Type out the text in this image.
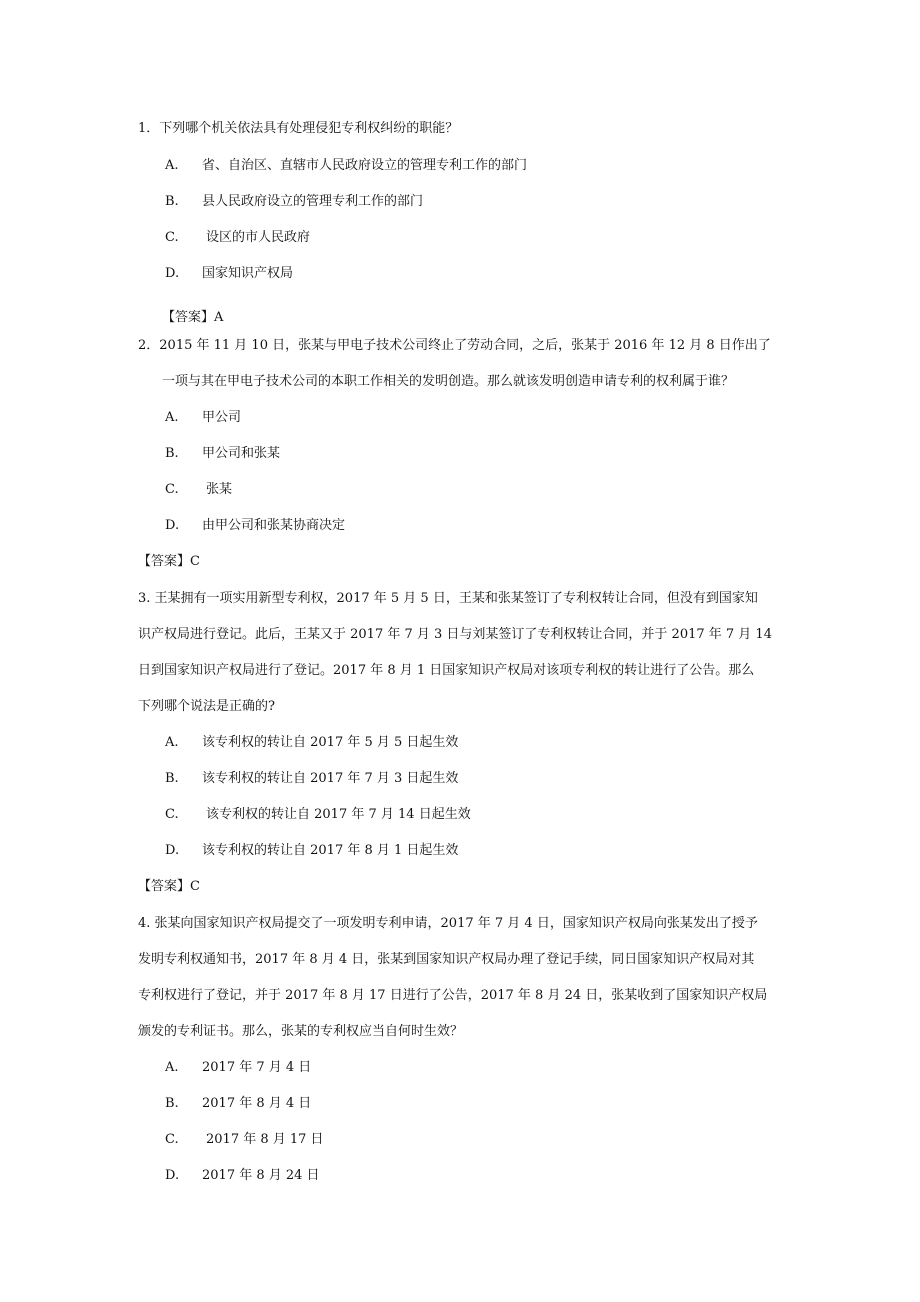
1．下列哪个机关依法具有处理侵犯专利权纠纷的职能？
A. 省、自治区、直辖市人民政府设立的管理专利工作的部门
B. 县人民政府设立的管理专利工作的部门
C. 设区的市人民政府
D. 国家知识产权局
【答案】A
2．2015 年 11 月 10 日，张某与甲电子技术公司终止了劳动合同，之后，张某于 2016 年 12 月 8 日作出了
一项与其在甲电子技术公司的本职工作相关的发明创造。那么就该发明创造申请专利的权利属于谁？
A. 甲公司
B. 甲公司和张某
C. 张某
D. 由甲公司和张某协商决定
【答案】C
3. 王某拥有一项实用新型专利权，2017 年 5 月 5 日，王某和张某签订了专利权转让合同，但没有到国家知
识产权局进行登记。此后，王某又于 2017 年 7 月 3 日与刘某签订了专利权转让合同，并于 2017 年 7 月 14
日到国家知识产权局进行了登记。2017 年 8 月 1 日国家知识产权局对该项专利权的转让进行了公告。那么
下列哪个说法是正确的?
A. 该专利权的转让自 2017 年 5 月 5 日起生效
B. 该专利权的转让自 2017 年 7 月 3 日起生效
C. 该专利权的转让自 2017 年 7 月 14 日起生效
D. 该专利权的转让自 2017 年 8 月 1 日起生效
【答案】C
4. 张某向国家知识产权局提交了一项发明专利申请，2017 年 7 月 4 日，国家知识产权局向张某发出了授予
发明专利权通知书，2017 年 8 月 4 日，张某到国家知识产权局办理了登记手续，同日国家知识产权局对其
专利权进行了登记，并于 2017 年 8 月 17 日进行了公告，2017 年 8 月 24 日，张某收到了国家知识产权局
颁发的专利证书。那么，张某的专利权应当自何时生效？
A. 2017 年 7 月 4 日
B. 2017 年 8 月 4 日
C. 2017 年 8 月 17 日
D. 2017 年 8 月 24 日
